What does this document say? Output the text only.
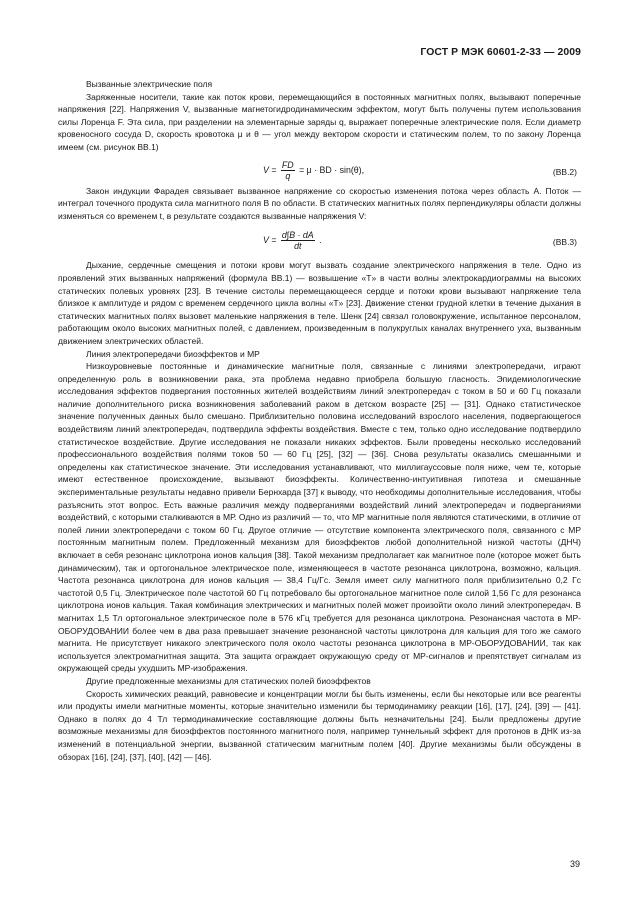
ГОСТ Р МЭК 60601-2-33 — 2009

Вызванные электрические поля

Заряженные носители, такие как поток крови, перемещающийся в постоянных магнитных полях, вызывают поперечные напряжения [22]. Напряжения V, вызванные магнетогидродинамическим эффектом, могут быть получены путем использования силы Лоренца F. Эта сила, при разделении на элементарные заряды q, выражает поперечные электрические поля. Если диаметр кровеносного сосуда D, скорость кровотока μ и θ — угол между вектором скорости и статическим полем, то по закону Лоренца имеем (см. рисунок ВВ.1)

$V = \frac{FD}{q} = \mu$ · BD · sin(θ),	(ВВ.2)

Закон индукции Фарадея связывает вызванное напряжение со скоростью изменения потока через область A. Поток — интеграл точечного продукта сила магнитного поля B по области. В статических магнитных полях перпендикуляры области должны изменяться со временем t, в результате создаются вызванные напряжения V:

$V = \frac{d\int B \cdot dA}{dt}$ .	(ВВ.3)

Дыхание, сердечные смещения и потоки крови могут вызвать создание электрического напряжения в теле. Одно из проявлений этих вызванных напряжений (формула ВВ.1) — возвышение «T» в части волны электрокардиограммы на высоких статических полевых уровнях [23]. В течение систолы перемещающееся сердце и потоки крови вызывают напряжение тела близкое к амплитуде и рядом с временем сердечного цикла волны «T» [23]. Движение стенки грудной клетки в течение дыхания в статических магнитных полях вызовет маленькие напряжения в теле. Шенк [24] связал головокружение, испытанное персоналом, работающим около высоких магнитных полей, с давлением, произведенным в полукруглых каналах внутреннего уха, вызванным движением электрических областей.

Линия электропередачи биоэффектов и МР

Низкоуровневые постоянные и динамические магнитные поля, связанные с линиями электропередачи, играют определенную роль в возникновении рака, эта проблема недавно приобрела большую гласность. Эпидемиологические исследования эффектов подвергания постоянных жителей воздействиям линий электропередач с током в 50 и 60 Гц показали наличие дополнительного риска возникновения заболеваний раком в детском возрасте [25] — [31]. Однако статистическое значение полученных данных было смешано. Приблизительно половина исследований взрослого населения, подвергающегося воздействиям линий электропередач, подтвердила эффекты воздействия. Вместе с тем, только одно исследование подтвердило статистическое воздействие. Другие исследования не показали никаких эффектов. Были проведены несколько исследований профессионального воздействия полями токов 50 — 60 Гц [25], [32] — [36]. Снова результаты оказались смешанными и определены как статистическое значение. Эти исследования устанавливают, что миллигауссовые поля ниже, чем те, которые имеют естественное происхождение, вызывают биоэффекты. Количественно-интуитивная гипотеза и смешанные экспериментальные результаты недавно привели Бернхарда [37] к выводу, что необходимы дополнительные исследования, чтобы разъяснить этот вопрос. Есть важные различия между подверганиями воздействий линий электропередач и подверганиями воздействий, с которыми сталкиваются в МР. Одно из различий — то, что МР магнитные поля являются статическими, в отличие от полей линии электропередачи с током 60 Гц. Другое отличие — отсутствие компонента электрического поля, связанного с МР постоянным магнитным полем. Предложенный механизм для биоэффектов любой дополнительной низкой частоты (ДНЧ) включает в себя резонанс циклотрона ионов кальция [38]. Такой механизм предполагает как магнитное поле (которое может быть динамическим), так и ортогональное электрическое поле, изменяющееся в частоте резонанса циклотрона, возможно, кальция. Частота резонанса циклотрона для ионов кальция — 38,4 Гц/Гс. Земля имеет силу магнитного поля приблизительно 0,2 Гс частотой 0,5 Гц. Электрическое поле частотой 60 Гц потребовало бы ортогональное магнитное поле силой 1,56 Гс для резонанса циклотрона ионов кальция. Такая комбинация электрических и магнитных полей может произойти около линий электропередач. В магнитах 1,5 Тл ортогональное электрическое поле в 576 кГц требуется для резонанса циклотрона. Резонансная частота в МР-ОБОРУДОВАНИИ более чем в два раза превышает значение резонансной частоты циклотрона для кальция для того же самого магнита. Не присутствует никакого электрического поля около частоты резонанса циклотрона в МР-ОБОРУДОВАНИИ, так как используется электромагнитная защита. Эта защита ограждает окружающую среду от МР-сигналов и препятствует сигналам из окружающей среды ухудшить МР-изображения.

Другие предложенные механизмы для статических полей биоэффектов

Скорость химических реакций, равновесие и концентрации могли бы быть изменены, если бы некоторые или все реагенты или продукты имели магнитные моменты, которые значительно изменили бы термодинамику реакции [16], [17], [24], [39] — [41]. Однако в полях до 4 Тл термодинамические составляющие должны быть незначительны [24]. Были предложены другие возможные механизмы для биоэффектов постоянного магнитного поля, например туннельный эффект для протонов в ДНК из-за изменений в потенциальной энергии, вызванной статическим магнитным полем [40]. Другие механизмы были обсуждены в обзорах [16], [24], [37], [40], [42] — [46].

39
